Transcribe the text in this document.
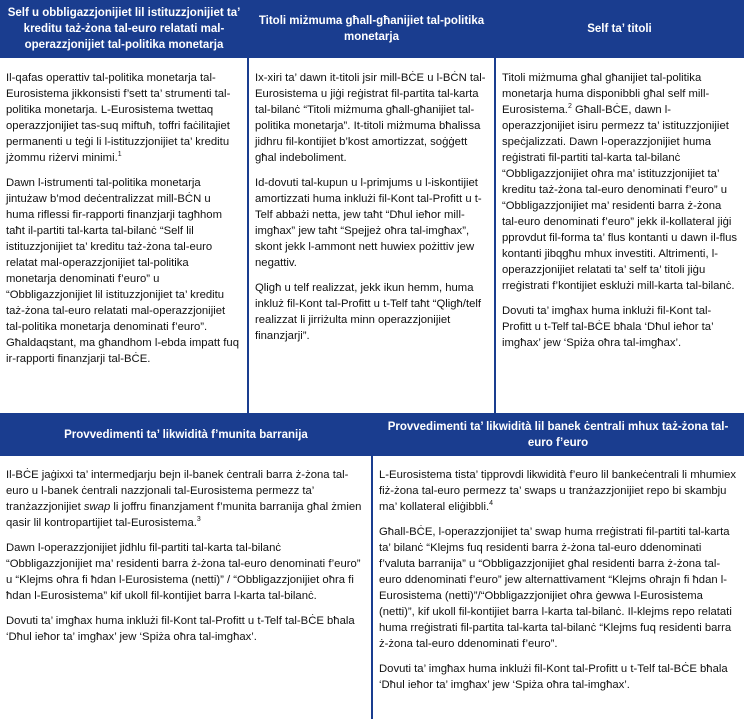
Self u obbligazzjonijiet lil istituzzjonijiet ta’ kreditu taż-żona tal-euro relatati mal-operazzjonijiet tal-politika monetarja
Titoli miżmuma għall-għanijiet tal-politika monetarja
Self ta’ titoli

Il-qafas operattiv tal-politika monetarja tal-Eurosistema jikkonsisti f’sett ta’ strumenti tal-politika monetarja. L-Eurosistema twettaq operazzjonijiet tas-suq miftuħ, toffri faċilitajiet permanenti u teġi li l-istituzzjonijiet ta’ kreditu jżommu riżervi minimi.$^1$

Dawn l-istrumenti tal-politika monetarja jintużaw b’mod deċentralizzat mill-BĊN u huma riflessi fir-rapporti finanzjarji tagħhom taħt il-partiti tal-karta tal-bilanċ “Self lil istituzzjonijiet ta’ kreditu taż-żona tal-euro relatat mal-operazzjonijiet tal-politika monetarja denominati f’euro” u “Obbligazzjonijiet lil istituzzjonijiet ta’ kreditu taż-żona tal-euro relatati mal-operazzjonijiet tal-politika monetarja denominati f’euro”. Għaldaqstant, ma għandhom l-ebda impatt fuq ir-rapporti finanzjarji tal-BĊE.

Ix-xiri ta’ dawn it-titoli jsir mill-BĊE u l-BĊN tal-Eurosistema u jiġi reġistrat fil-partita tal-karta tal-bilanċ “Titoli miżmuma għall-għanijiet tal-politika monetarja”. It-titoli miżmuma bħalissa jidhru fil-kontijiet b’kost amortizzat, soġġett għal indeboliment.

Id-dovuti tal-kupun u l-primjums u l-iskontijiet amortizzati huma inklużi fil-Kont tal-Profitt u t-Telf abbażi netta, jew taħt “Dħul ieħor mill-imgħax” jew taħt “Spejjeż oħra tal-imgħax”, skont jekk l-ammont nett huwiex pożittiv jew negattiv.

Qligħ u telf realizzat, jekk ikun hemm, huma inkluż fil-Kont tal-Profitt u t-Telf taħt “Qligħ/telf realizzat li jirriżulta minn operazzjonijiet finanzjarji”.

Titoli miżmuma għal għanijiet tal-politika monetarja huma disponibbli għal self mill-Eurosistema.$^2$ Għall-BĊE, dawn l-operazzjonijiet isiru permezz ta’ istituzzjonijiet speċjalizzati. Dawn l-operazzjonijiet huma reġistrati fil-partiti tal-karta tal-bilanċ “Obbligazzjonijiet oħra ma’ istituzzjonijiet ta’ kreditu taż-żona tal-euro denominati f’euro” u “Obbligazzjonijiet ma’ residenti barra ż-żona tal-euro denominati f’euro” jekk il-kollateral jiġi pprovdut fil-forma ta’ flus kontanti u dawn il-flus kontanti jibqgħu mhux investiti. Altrimenti, l-operazzjonijiet relatati ta’ self ta’ titoli jiġu rreġistrati f’kontijiet esklużi mill-karta tal-bilanċ.

Dovuti ta’ imgħax huma inklużi fil-Kont tal-Profitt u t-Telf tal-BĊE bħala ‘Dħul ieħor ta’ imgħax’ jew ‘Spiża oħra tal-imgħax’.

Provvedimenti ta’ likwidità f’munita barranija
Provvedimenti ta’ likwidità lil banek ċentrali mhux taż-żona tal-euro f’euro

Il-BĊE jaġixxi ta’ intermedjarju bejn il-banek ċentrali barra ż-żona tal-euro u l-banek ċentrali nazzjonali tal-Eurosistema permezz ta’ tranżazzjonijiet swap li joffru finanzjament f’munita barranija għal żmien qasir lil kontropartijiet tal-Eurosistema.$^3$

Dawn l-operazzjonijiet jidhlu fil-partiti tal-karta tal-bilanċ “Obbligazzjonijiet ma’ residenti barra ż-żona tal-euro denominati f’euro” u “Klejms oħra fi ħdan l-Eurosistema (netti)” / “Obbligazzjonijiet oħra fi ħdan l-Eurosistema” kif ukoll fil-kontijiet barra l-karta tal-bilanċ.

Dovuti ta’ imgħax huma inklużi fil-Kont tal-Profitt u t-Telf tal-BĊE bħala ‘Dħul ieħor ta’ imgħax’ jew ‘Spiża oħra tal-imgħax’.

L-Eurosistema tista’ tipprovdi likwidità f’euro lil bankeċentrali li mhumiex fiż-żona tal-euro permezz ta’ swaps u tranżazzjonijiet repo bi skambju ma’ kollateral eliġibbli.$^4$

Għall-BĊE, l-operazzjonijiet ta’ swap huma rreġistrati fil-partiti tal-karta ta’ bilanċ “Klejms fuq residenti barra ż-żona tal-euro ddenominati f’valuta barranija” u “Obbligazzjonijiet għal residenti barra ż-żona tal-euro ddenominati f’euro” jew alternattivament “Klejms oħrajn fi ħdan l-Eurosistema (netti)”/“Obbligazzjonijiet oħra ġewwa l-Eurosistema (netti)”, kif ukoll fil-kontijiet barra l-karta tal-bilanċ. Il-klejms repo relatati huma rreġistrati fil-partita tal-karta tal-bilanċ “Klejms fuq residenti barra ż-żona tal-euro ddenominati f’euro”.

Dovuti ta’ imgħax huma inklużi fil-Kont tal-Profitt u t-Telf tal-BĊE bħala ‘Dħul ieħor ta’ imgħax’ jew ‘Spiża oħra tal-imgħax’.
